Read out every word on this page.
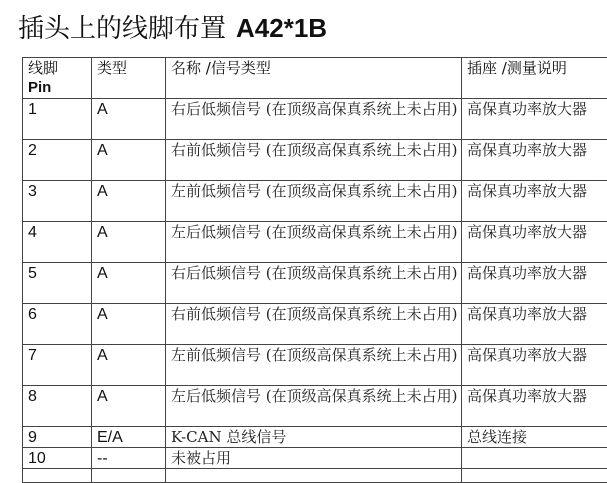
插头上的线脚布置 A42*1B
线脚
Pin	类型	名称 /信号类型	插座 /测量说明
1	A	右后低频信号 (在顶级高保真系统上未占用)	高保真功率放大器
2	A	右前低频信号 (在顶级高保真系统上未占用)	高保真功率放大器
3	A	左前低频信号 (在顶级高保真系统上未占用)	高保真功率放大器
4	A	左后低频信号 (在顶级高保真系统上未占用)	高保真功率放大器
5	A	右后低频信号 (在顶级高保真系统上未占用)	高保真功率放大器
6	A	右前低频信号 (在顶级高保真系统上未占用)	高保真功率放大器
7	A	左前低频信号 (在顶级高保真系统上未占用)	高保真功率放大器
8	A	左后低频信号 (在顶级高保真系统上未占用)	高保真功率放大器
9	E/A	K-CAN 总线信号	总线连接
10	--	未被占用	
